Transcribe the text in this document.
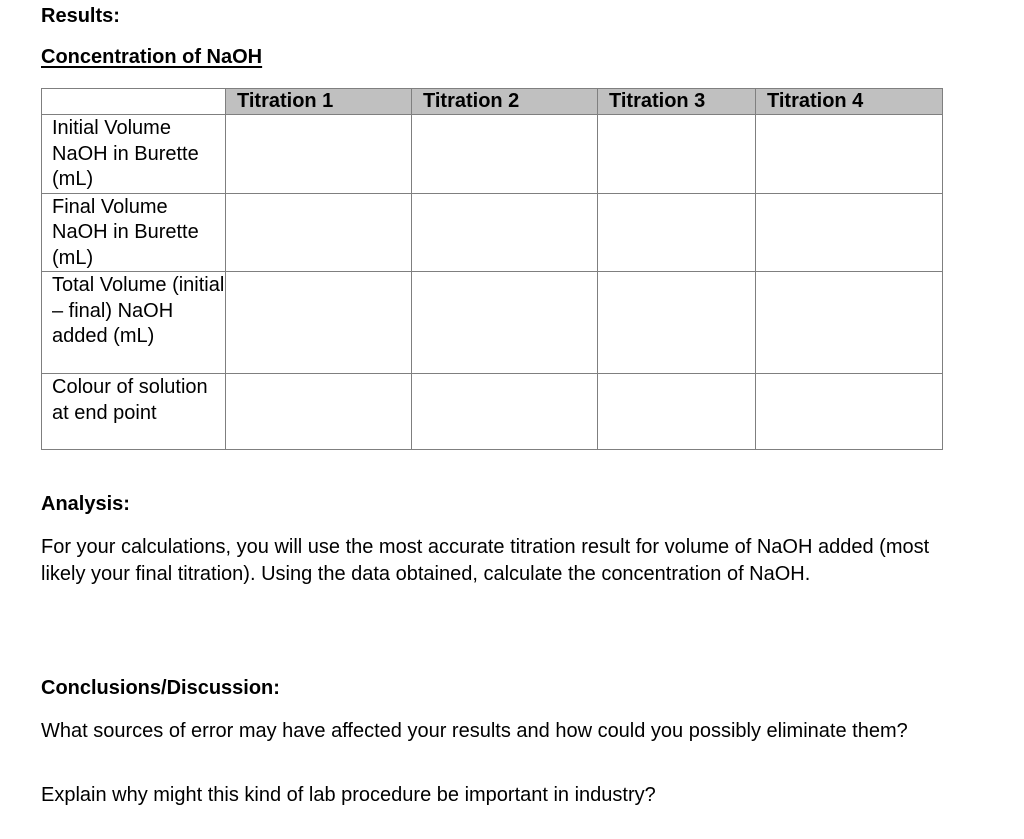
Results:
Concentration of NaOH
	Titration 1	Titration 2	Titration 3	Titration 4
Initial Volume NaOH in Burette (mL)				
Final Volume NaOH in Burette (mL)				
Total Volume (initial – final) NaOH added (mL)				
Colour of solution at end point				
Analysis:

For your calculations, you will use the most accurate titration result for volume of NaOH added (most likely your final titration). Using the data obtained, calculate the concentration of NaOH.

Conclusions/Discussion:

What sources of error may have affected your results and how could you possibly eliminate them?

Explain why might this kind of lab procedure be important in industry?
